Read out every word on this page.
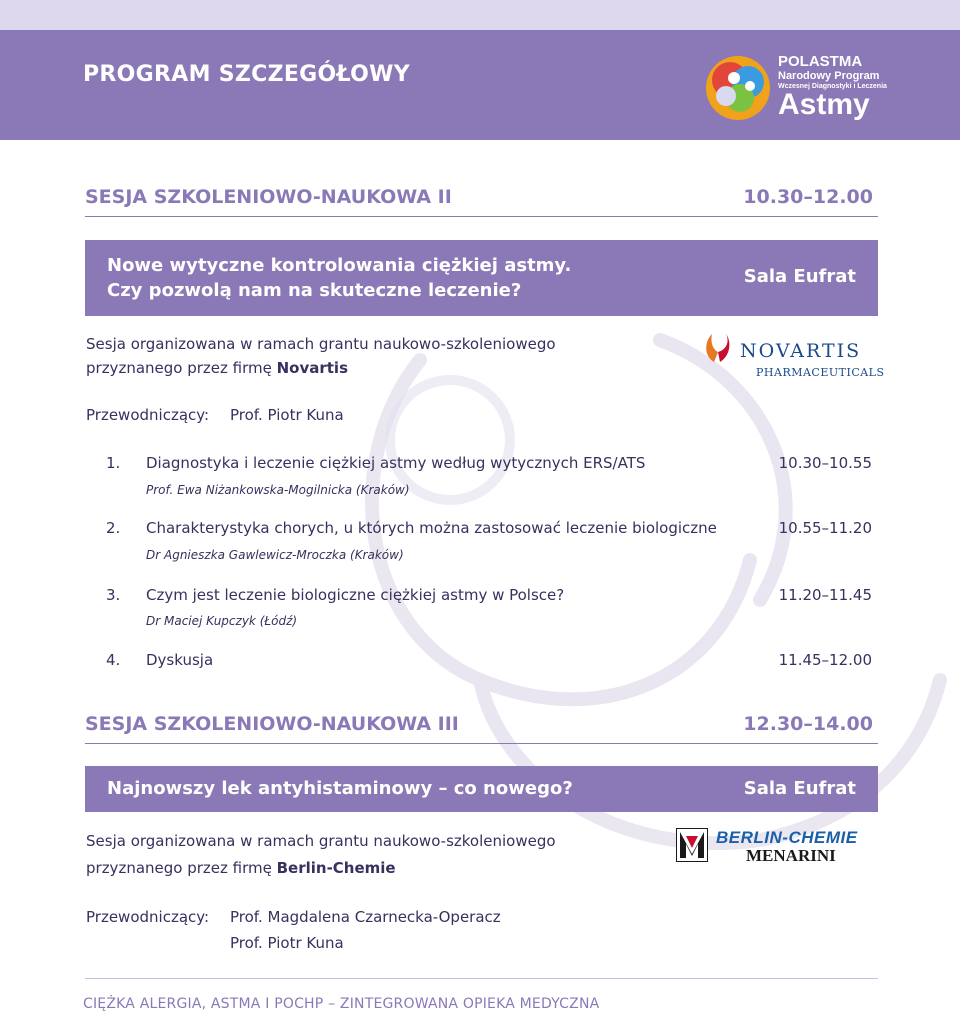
PROGRAM SZCZEGÓŁOWY
POLASTMA
Narodowy Program
Wczesnej Diagnostyki i Leczenia
Astmy
SESJA SZKOLENIOWO-NAUKOWA II	10.30–12.00
Nowe wytyczne kontrolowania ciężkiej astmy.
Czy pozwolą nam na skuteczne leczenie?
Sala Eufrat
Sesja organizowana w ramach grantu naukowo-szkoleniowego
przyznanego przez firmę Novartis
NOVARTIS
PHARMACEUTICALS
Przewodniczący: Prof. Piotr Kuna
1. Diagnostyka i leczenie ciężkiej astmy według wytycznych ERS/ATS	10.30–10.55
Prof. Ewa Niżankowska-Mogilnicka (Kraków)
2. Charakterystyka chorych, u których można zastosować leczenie biologiczne	10.55–11.20
Dr Agnieszka Gawlewicz-Mroczka (Kraków)
3. Czym jest leczenie biologiczne ciężkiej astmy w Polsce?	11.20–11.45
Dr Maciej Kupczyk (Łódź)
4. Dyskusja	11.45–12.00
SESJA SZKOLENIOWO-NAUKOWA III	12.30–14.00
Najnowszy lek antyhistaminowy – co nowego?	Sala Eufrat
Sesja organizowana w ramach grantu naukowo-szkoleniowego
przyznanego przez firmę Berlin-Chemie
BERLIN-CHEMIE
MENARINI
Przewodniczący: Prof. Magdalena Czarnecka-Operacz
Prof. Piotr Kuna
CIĘŻKA ALERGIA, ASTMA I POCHP – ZINTEGROWANA OPIEKA MEDYCZNA
